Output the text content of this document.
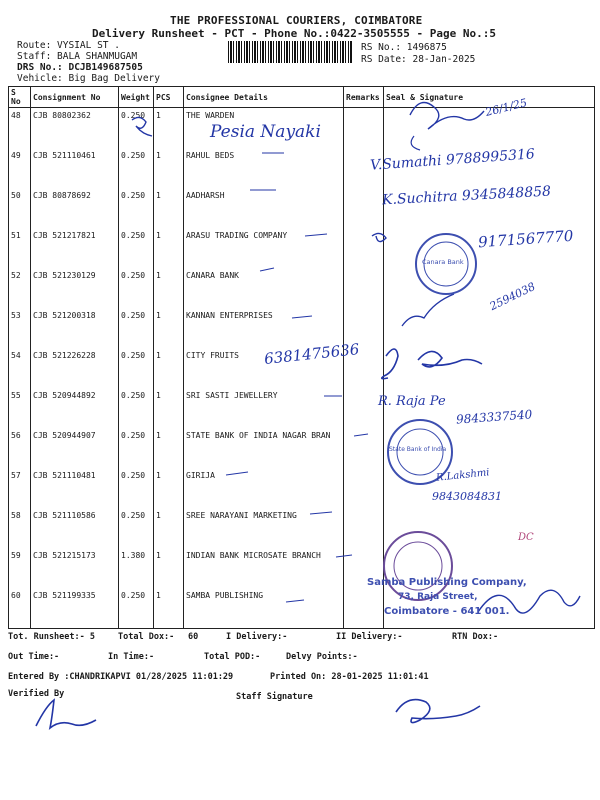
THE PROFESSIONAL COURIERS, COIMBATORE
Delivery Runsheet - PCT - Phone No.:0422-3505555 - Page No.:5
Route: VYSIAL ST .
Staff: BALA SHANMUGAM
DRS No.: DCJB149687505
Vehicle: Big Bag Delivery
RS No.: 1496875
RS Date: 28-Jan-2025
S No	Consignment No	Weight	PCS	Consignee Details	Remarks	Seal & Signature
48	CJB 80802362	0.250	1	THE WARDEN		
49	CJB 521110461	0.250	1	RAHUL BEDS		
50	CJB 80878692	0.250	1	AADHARSH		
51	CJB 521217821	0.250	1	ARASU TRADING COMPANY		
52	CJB 521230129	0.250	1	CANARA BANK		
53	CJB 521200318	0.250	1	KANNAN ENTERPRISES		
54	CJB 521226228	0.250	1	CITY FRUITS		
55	CJB 520944892	0.250	1	SRI SASTI JEWELLERY		
56	CJB 520944907	0.250	1	STATE BANK OF INDIA NAGAR BRAN		
57	CJB 521110481	0.250	1	GIRIJA		
58	CJB 521110586	0.250	1	SREE NARAYANI MARKETING		
59	CJB 521215173	1.380	1	INDIAN BANK MICROSATE BRANCH		
60	CJB 521199335	0.250	1	SAMBA PUBLISHING		
Pesia Nayaki
26/1/25
V.Sumathi 9788995316
K.Suchitra 9345848858
9171567770
2594038
6381475636
R. Raja Pe
9843337540
R.Lakshmi
9843084831
DC
Canara Bank
State Bank of India
Samba Publishing Company,
73, Raja Street,
Coimbatore - 641 001.
Tot. Runsheet:- 5	Total Dox:- 60	I Delivery:-	II Delivery:-	RTN Dox:-
Out Time:-	In Time:-	Total POD:-	Delvy Points:-
Entered By :CHANDRIKAPVI 01/28/2025 11:01:29	Printed On: 28-01-2025 11:01:41
Verified By	Staff Signature
